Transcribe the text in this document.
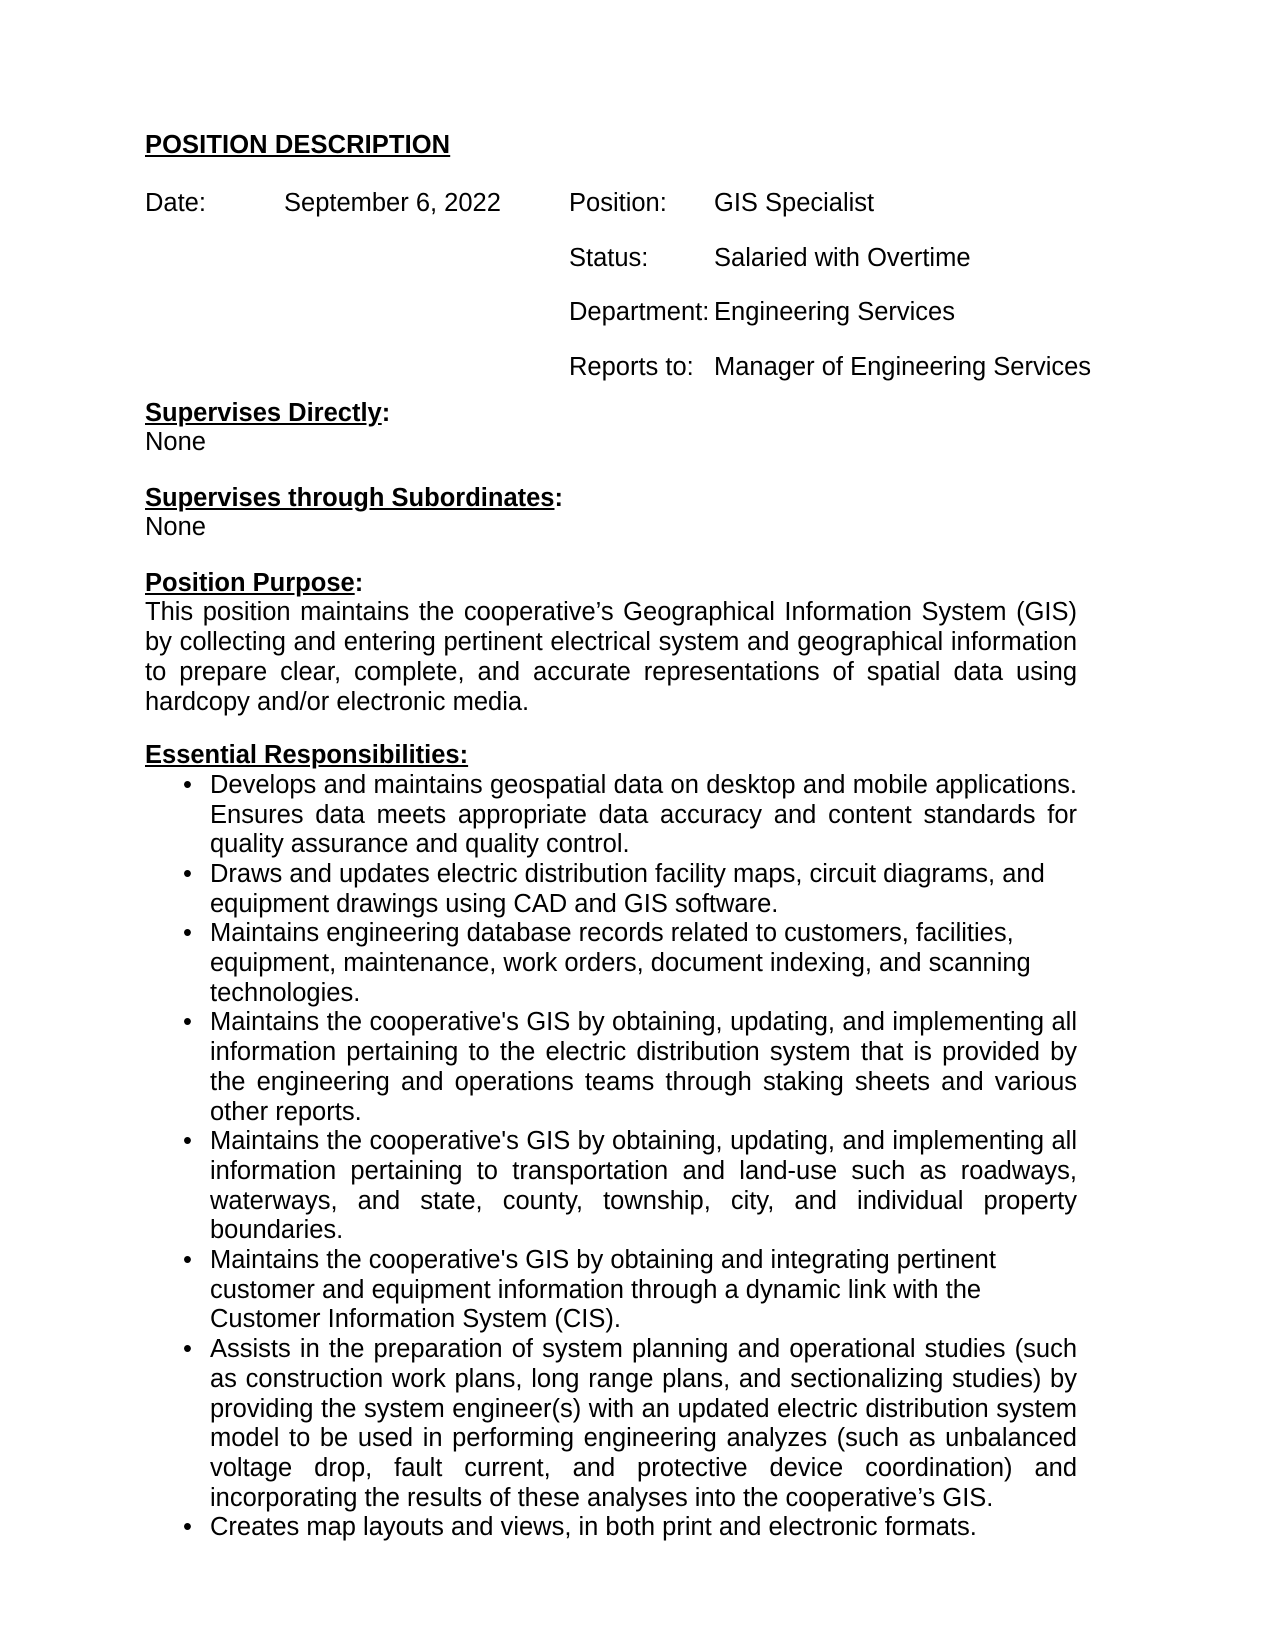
POSITION DESCRIPTION
Date:	September 6, 2022	Position: GIS Specialist
Status:	Salaried with Overtime
Department: Engineering Services
Reports to: Manager of Engineering Services
Supervises Directly:
None
Supervises through Subordinates:
None
Position Purpose:

This position maintains the cooperative’s Geographical Information System (GIS) by collecting and entering pertinent electrical system and geographical information to prepare clear, complete, and accurate representations of spatial data using hardcopy and/or electronic media.

Essential Responsibilities:
• Develops and maintains geospatial data on desktop and mobile applications. Ensures data meets appropriate data accuracy and content standards for quality assurance and quality control.
• Draws and updates electric distribution facility maps, circuit diagrams, and equipment drawings using CAD and GIS software.
• Maintains engineering database records related to customers, facilities, equipment, maintenance, work orders, document indexing, and scanning technologies.
• Maintains the cooperative's GIS by obtaining, updating, and implementing all information pertaining to the electric distribution system that is provided by the engineering and operations teams through staking sheets and various other reports.
• Maintains the cooperative's GIS by obtaining, updating, and implementing all information pertaining to transportation and land-use such as roadways, waterways, and state, county, township, city, and individual property boundaries.
• Maintains the cooperative's GIS by obtaining and integrating pertinent customer and equipment information through a dynamic link with the Customer Information System (CIS).
• Assists in the preparation of system planning and operational studies (such as construction work plans, long range plans, and sectionalizing studies) by providing the system engineer(s) with an updated electric distribution system model to be used in performing engineering analyzes (such as unbalanced voltage drop, fault current, and protective device coordination) and incorporating the results of these analyses into the cooperative’s GIS.
• Creates map layouts and views, in both print and electronic formats.
